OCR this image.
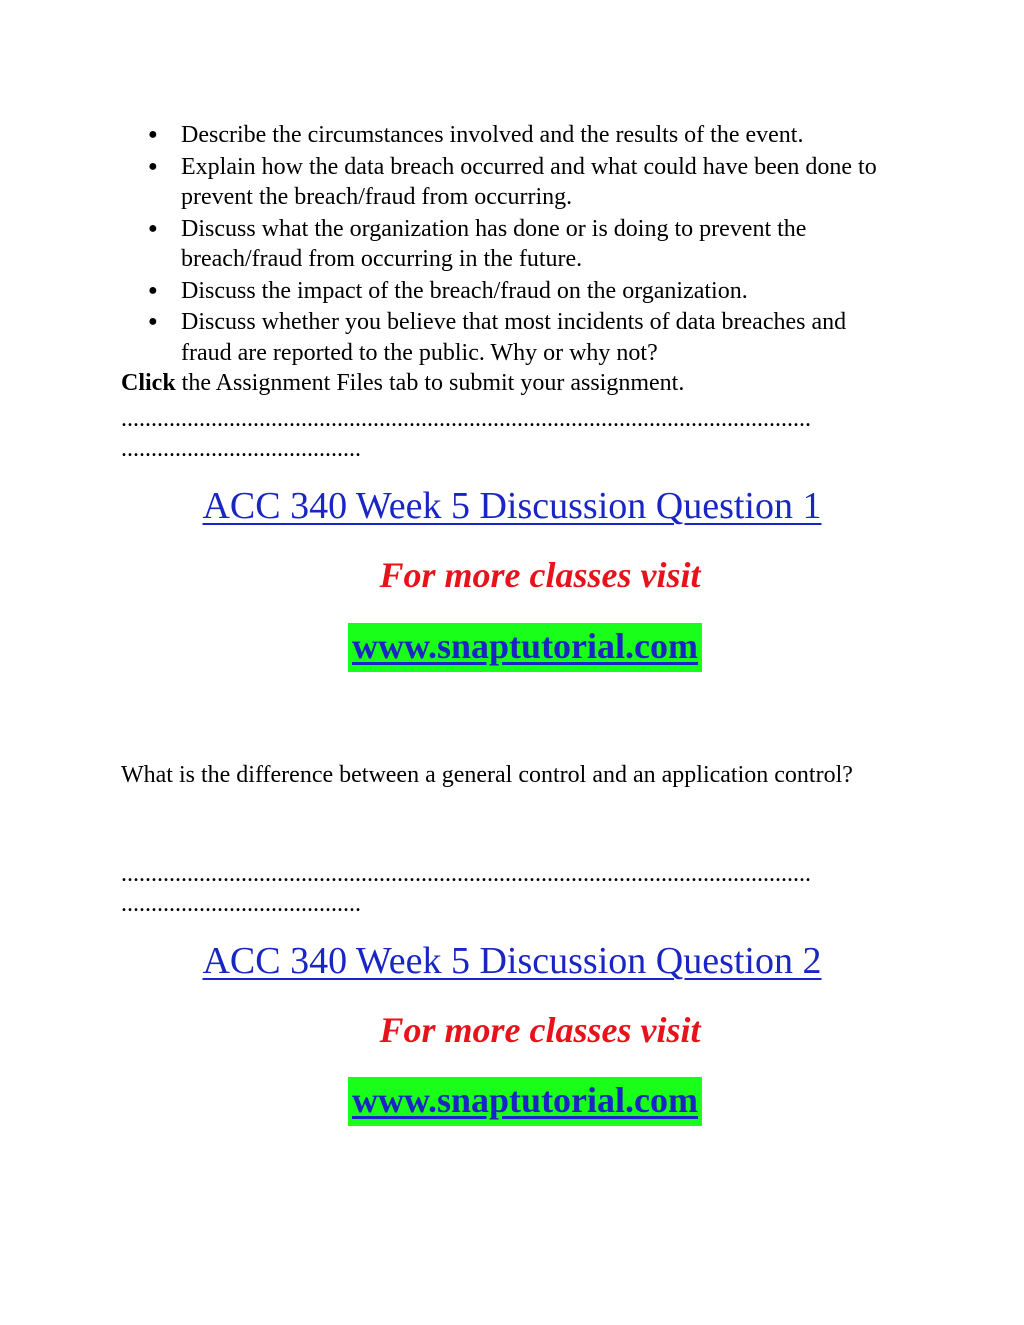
● Describe the circumstances involved and the results of the event.
● Explain how the data breach occurred and what could have been done to prevent the breach/fraud from occurring.
● Discuss what the organization has done or is doing to prevent the breach/fraud from occurring in the future.
● Discuss the impact of the breach/fraud on the organization.
● Discuss whether you believe that most incidents of data breaches and fraud are reported to the public. Why or why not?
Click the Assignment Files tab to submit your assignment.
...................................................................................................................
........................................
ACC 340 Week 5 Discussion Question 1
For more classes visit
www.snaptutorial.com
What is the difference between a general control and an application control?
...................................................................................................................
........................................
ACC 340 Week 5 Discussion Question 2
For more classes visit
www.snaptutorial.com
